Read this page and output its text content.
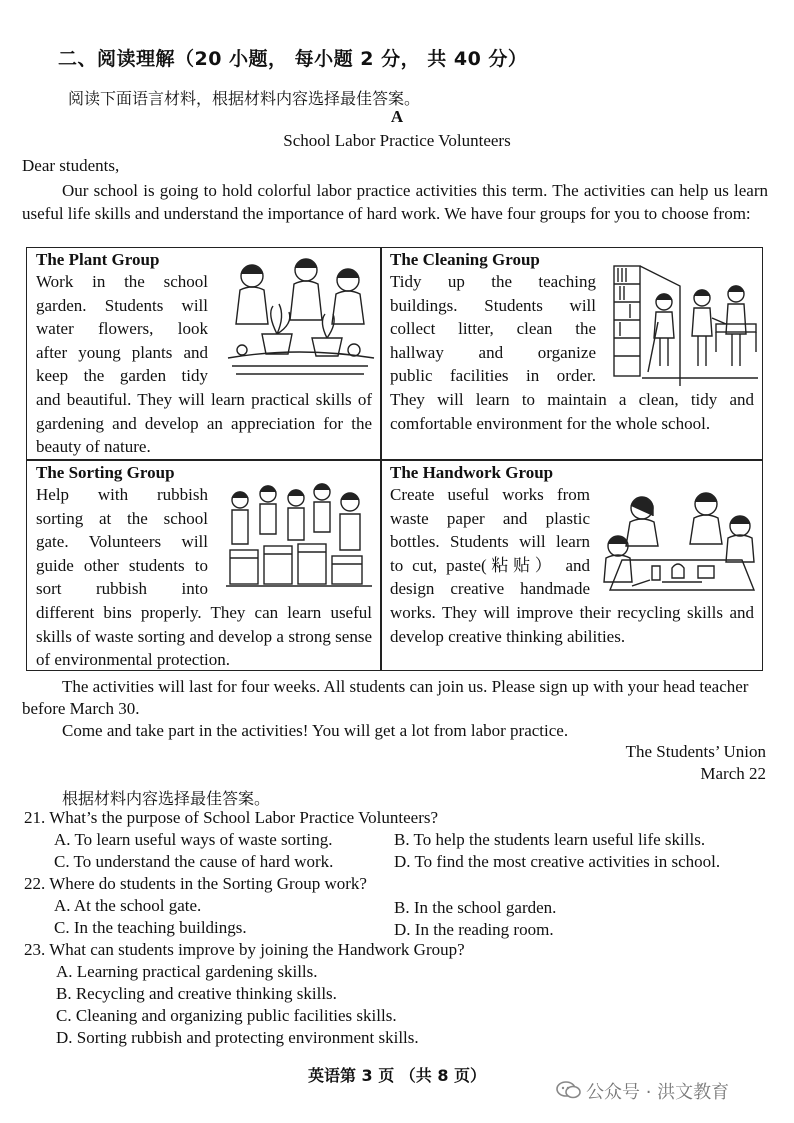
二、阅读理解（20 小题， 每小题 2 分， 共 40 分）
阅读下面语言材料，根据材料内容选择最佳答案。
A
School Labor Practice Volunteers
Dear students,
Our school is going to hold colorful labor practice activities this term. The activities can help us learn useful life skills and understand the importance of hard work. We have four groups for you to choose from:
The Plant Group
Work in the school
garden. Students will
water flowers, look
after young plants and
keep the garden tidy
and beautiful. They will learn practical skills of gardening and develop an appreciation for the beauty of nature.
The Cleaning Group
Tidy up the teaching
buildings. Students will
collect litter, clean the
hallway and organize
public facilities in order.
They will learn to maintain a clean, tidy and comfortable environment for the whole school.
The Sorting Group
Help with rubbish
sorting at the school
gate. Volunteers will
guide other students to
sort rubbish into
different bins properly. They can learn useful skills of waste sorting and develop a strong sense of environmental protection.
The Handwork Group
Create useful works from
waste paper and plastic
bottles. Students will learn
to cut, paste(粘贴） and
design creative handmade
works. They will improve their recycling skills and develop creative thinking abilities.
The activities will last for four weeks. All students can join us. Please sign up with your head teacher before March 30.
Come and take part in the activities! You will get a lot from labor practice.
The Students’ Union
March 22
根据材料内容选择最佳答案。
21. What’s the purpose of School Labor Practice Volunteers?
A. To learn useful ways of waste sorting.	B. To help the students learn useful life skills.
C. To understand the cause of hard work.	D. To find the most creative activities in school.
22. Where do students in the Sorting Group work?
A. At the school gate.	B. In the school garden.
C. In the teaching buildings.	D. In the reading room.
23. What can students improve by joining the Handwork Group?
A. Learning practical gardening skills.
B. Recycling and creative thinking skills.
C. Cleaning and organizing public facilities skills.
D. Sorting rubbish and protecting environment skills.
英语第 3 页 （共 8 页）
公众号 · 洪文教育
